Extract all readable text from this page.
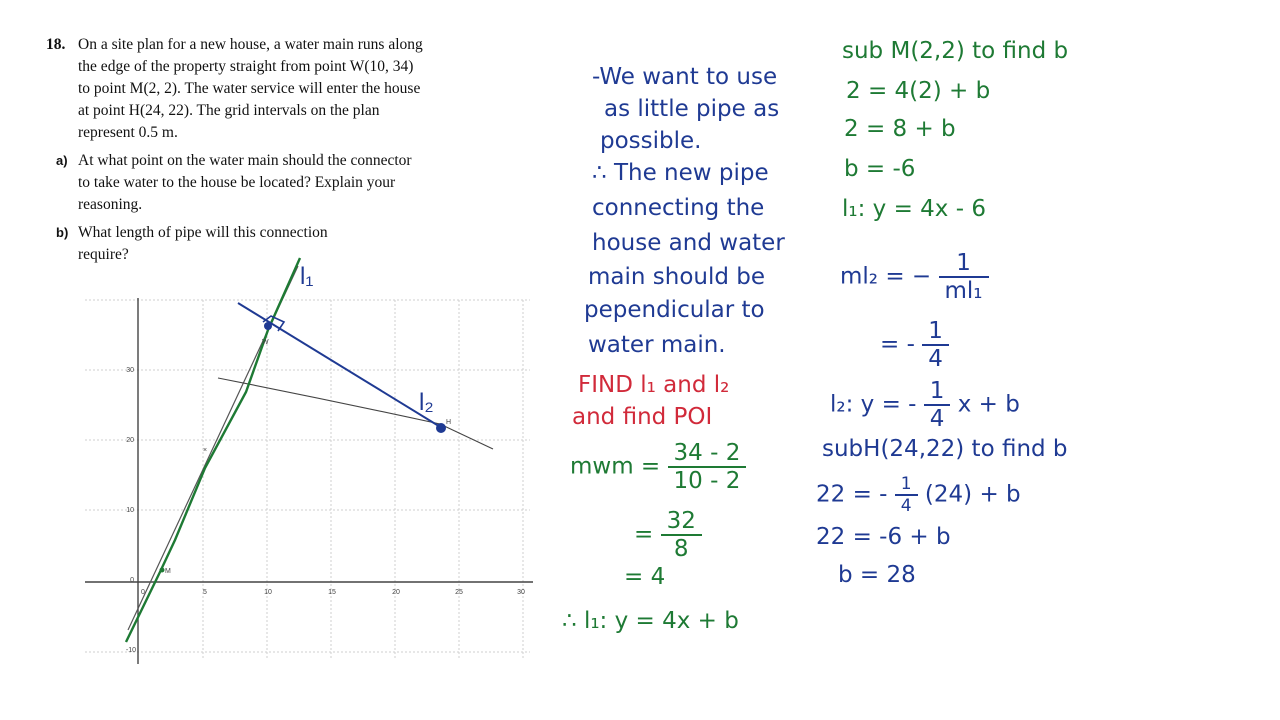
18. On a site plan for a new house, a water main runs along the edge of the property straight from point W(10, 34) to point M(2, 2). The water service will enter the house at point H(24, 22). The grid intervals on the plan represent 0.5 m.
a) At what point on the water main should the connector to take water to the house be located? Explain your reasoning.
b) What length of pipe will this connection require?
0	5	10	15	20	25	30
30
20
10
0
-10
W
H
M
×
l₁
l₂
-We want to use
as little pipe as
possible.
∴ The new pipe
connecting the
house and water
main should be
pependicular to
water main.
FIND l₁ and l₂
and find POI
mwm = $\frac{34 - 2}{10 - 2}$
= $\frac{32}{8}$
= 4
∴ l₁: y = 4x + b
sub M(2,2) to find b
2 = 4(2) + b
2 = 8 + b
b = -6
l₁: y = 4x - 6
ml₂ = − $\frac{1}{\text{ml₁}}$
= - $\frac{1}{4}$
l₂: y = - $\frac{1}{4}$ x + b
subH(24,22) to find b
22 = - $\frac{1}{4} (24) + b$
22 = -6 + b
b = 28
